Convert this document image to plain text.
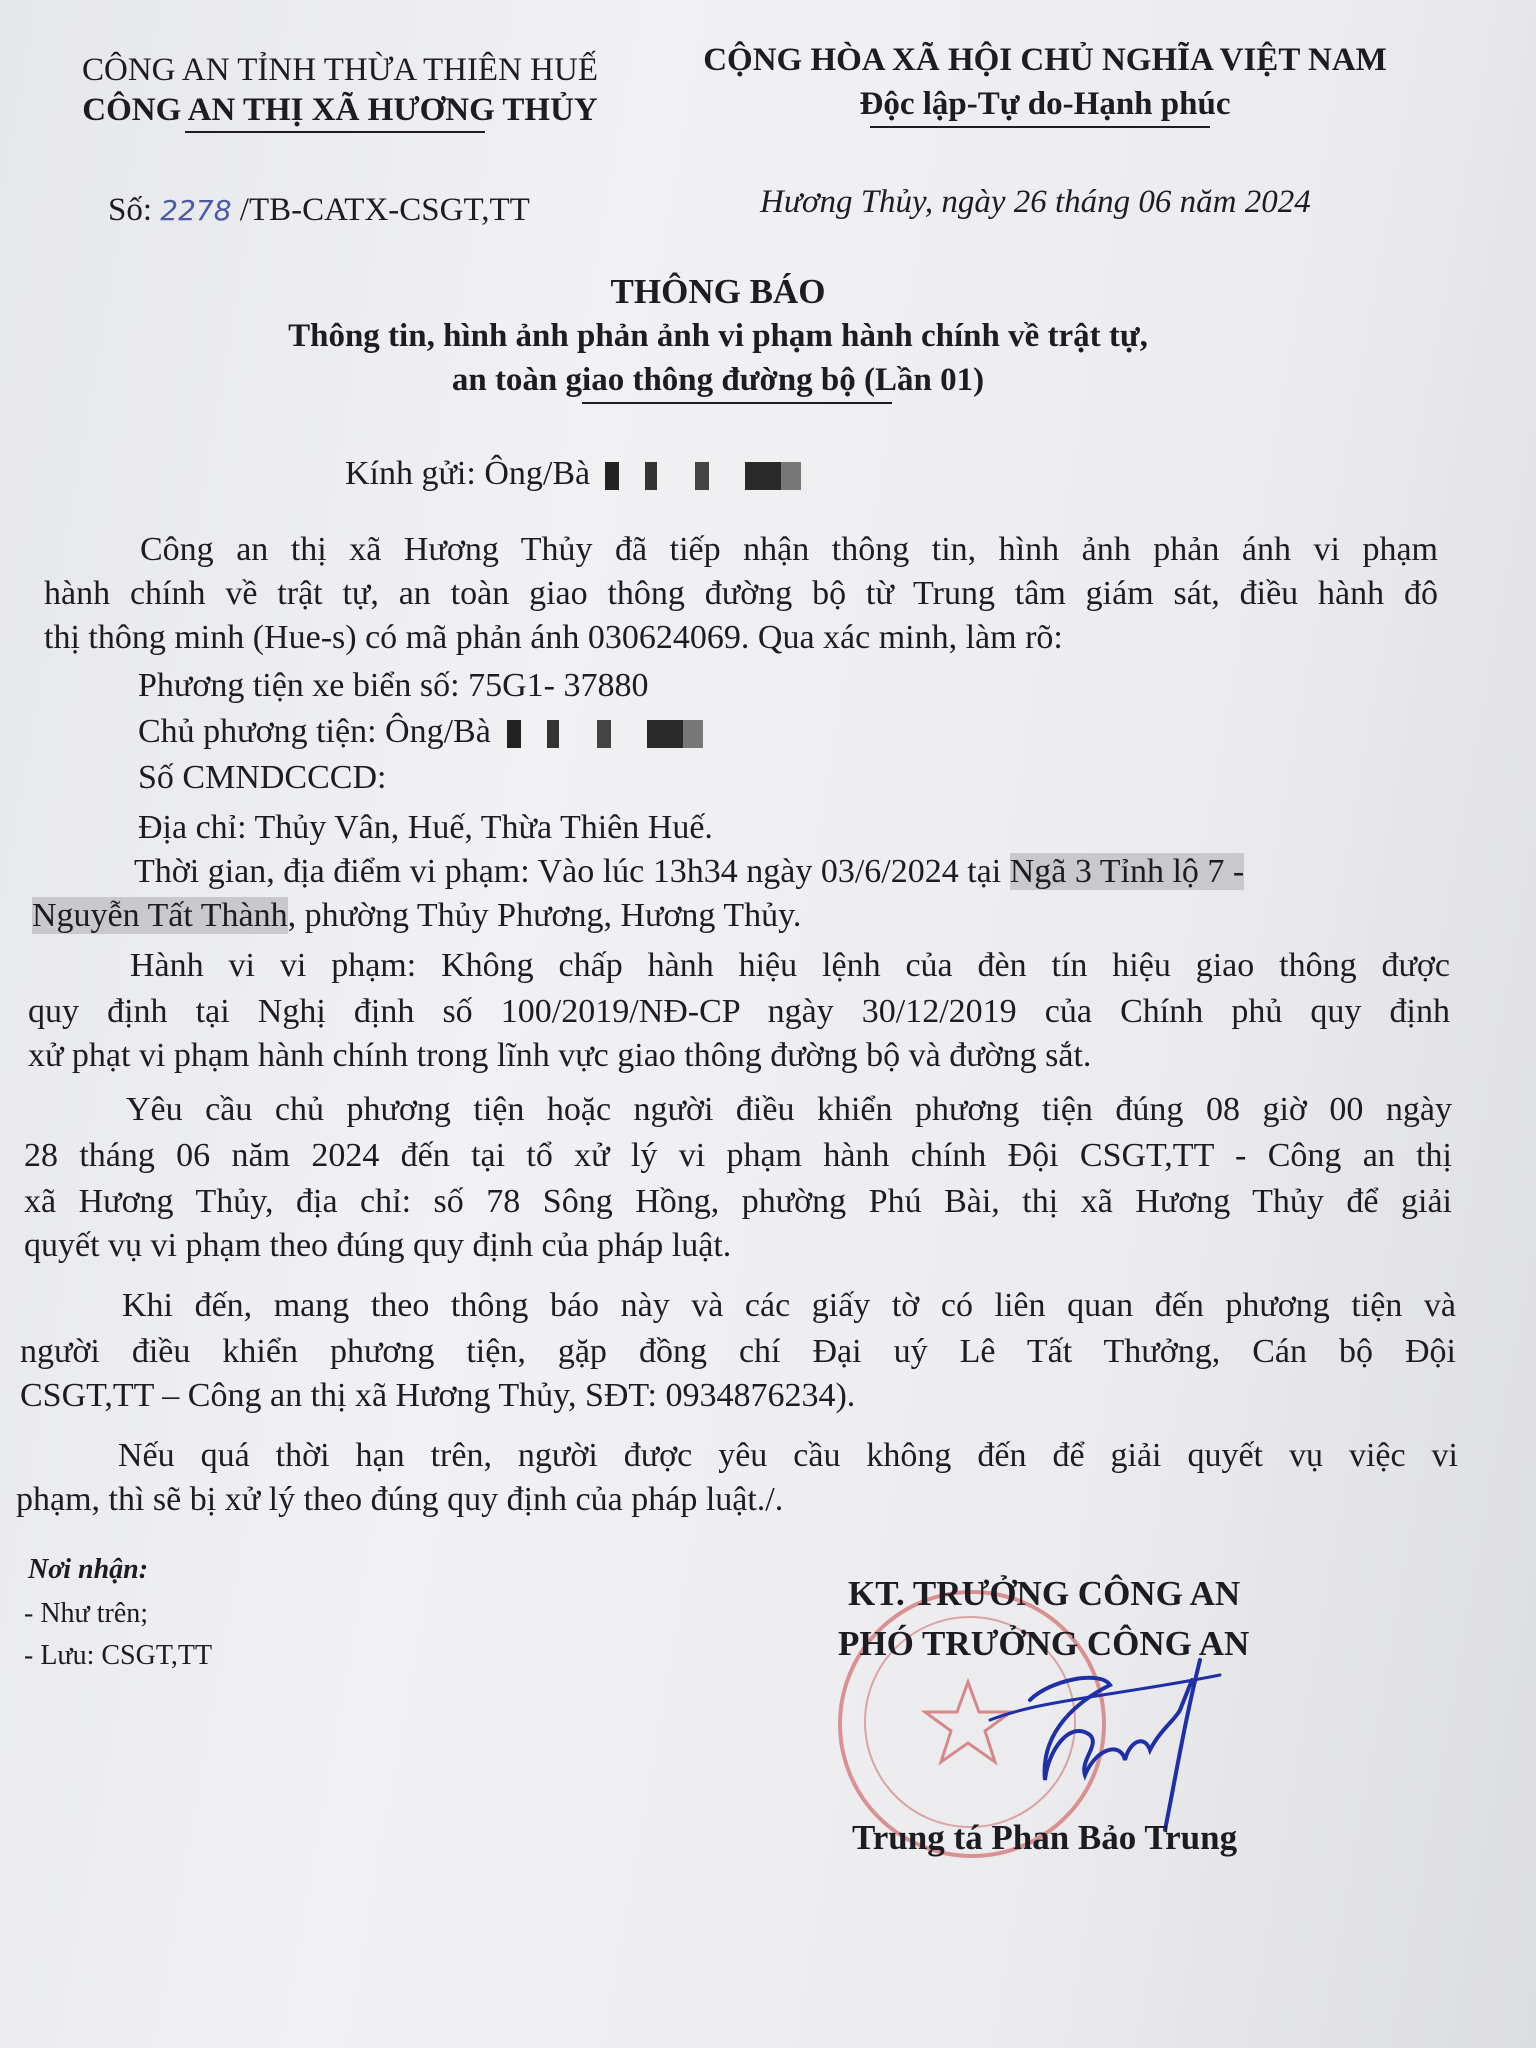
CÔNG AN TỈNH THỪA THIÊN HUẾ
CÔNG AN THỊ XÃ HƯƠNG THỦY
CỘNG HÒA XÃ HỘI CHỦ NGHĨA VIỆT NAM
Độc lập-Tự do-Hạnh phúc
Số: 2278 /TB-CATX-CSGT,TT	Hương Thủy, ngày 26 tháng 06 năm 2024
THÔNG BÁO
Thông tin, hình ảnh phản ảnh vi phạm hành chính về trật tự,
an toàn giao thông đường bộ (Lần 01)
Kính gửi: Ông/Bà
Công an thị xã Hương Thủy đã tiếp nhận thông tin, hình ảnh phản ánh vi phạm
hành chính về trật tự, an toàn giao thông đường bộ từ Trung tâm giám sát, điều hành đô
thị thông minh (Hue-s) có mã phản ánh 030624069. Qua xác minh, làm rõ:
Phương tiện xe biển số: 75G1- 37880
Chủ phương tiện: Ông/Bà
Số CMNDCCCD:
Địa chỉ: Thủy Vân, Huế, Thừa Thiên Huế.
Thời gian, địa điểm vi phạm: Vào lúc 13h34 ngày 03/6/2024 tại Ngã 3 Tỉnh lộ 7 -
Nguyễn Tất Thành, phường Thủy Phương, Hương Thủy.
Hành vi vi phạm: Không chấp hành hiệu lệnh của đèn tín hiệu giao thông được
quy định tại Nghị định số 100/2019/NĐ-CP ngày 30/12/2019 của Chính phủ quy định
xử phạt vi phạm hành chính trong lĩnh vực giao thông đường bộ và đường sắt.
Yêu cầu chủ phương tiện hoặc người điều khiển phương tiện đúng 08 giờ 00 ngày
28 tháng 06 năm 2024 đến tại tổ xử lý vi phạm hành chính Đội CSGT,TT - Công an thị
xã Hương Thủy, địa chỉ: số 78 Sông Hồng, phường Phú Bài, thị xã Hương Thủy để giải
quyết vụ vi phạm theo đúng quy định của pháp luật.
Khi đến, mang theo thông báo này và các giấy tờ có liên quan đến phương tiện và
người điều khiển phương tiện, gặp đồng chí Đại uý Lê Tất Thưởng, Cán bộ Đội
CSGT,TT – Công an thị xã Hương Thủy, SĐT: 0934876234).
Nếu quá thời hạn trên, người được yêu cầu không đến để giải quyết vụ việc vi
phạm, thì sẽ bị xử lý theo đúng quy định của pháp luật./.
Nơi nhận:
- Như trên;
- Lưu: CSGT,TT
KT. TRƯỞNG CÔNG AN
PHÓ TRƯỞNG CÔNG AN
Trung tá Phan Bảo Trung
